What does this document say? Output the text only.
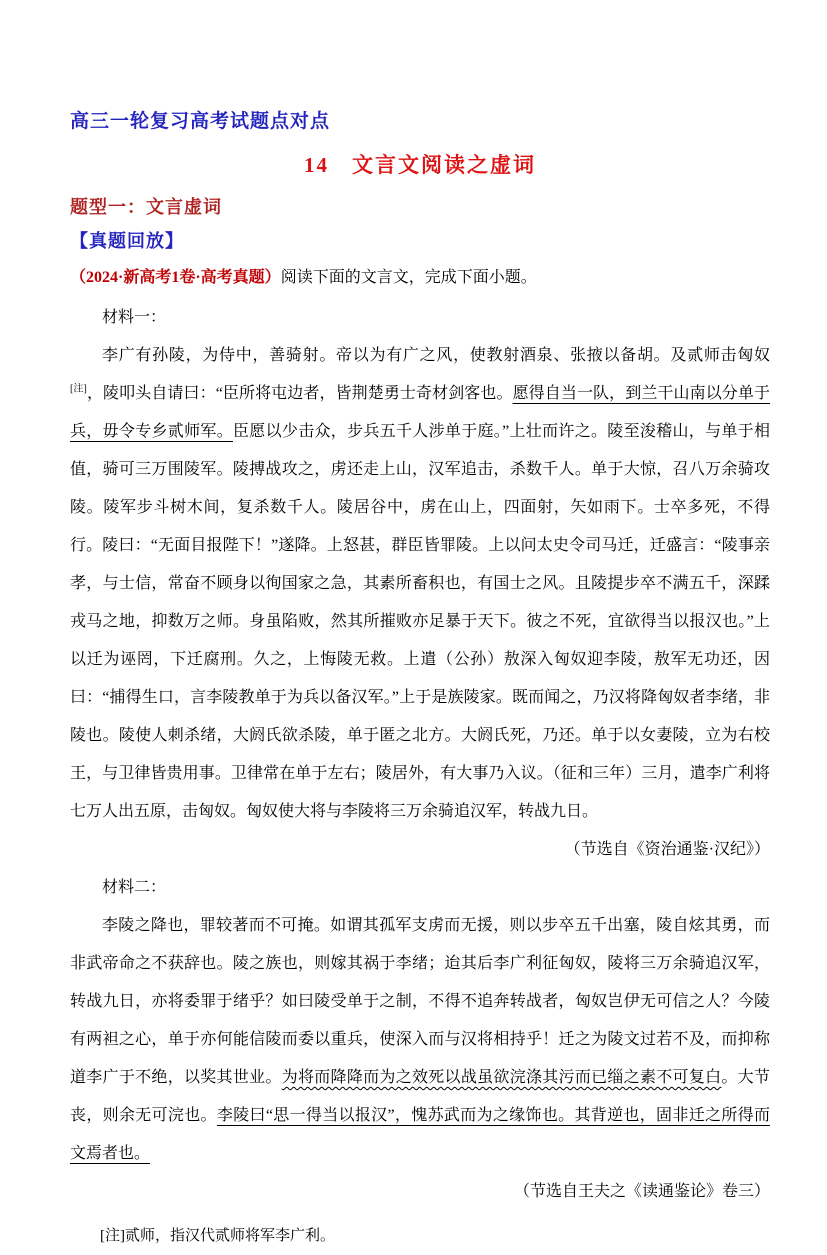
高三一轮复习高考试题点对点
14　文言文阅读之虚词
题型一：文言虚词
【真题回放】

（2024·新高考1卷·高考真题）阅读下面的文言文，完成下面小题。

材料一：

李广有孙陵，为侍中，善骑射。帝以为有广之风，使教射酒泉、张掖以备胡。及贰师击匈奴[注]，陵叩头自请曰：“臣所将屯边者，皆荆楚勇士奇材剑客也。愿得自当一队，到兰干山南以分单于兵，毋令专乡贰师军。臣愿以少击众，步兵五千人涉单于庭。”上壮而许之。陵至浚稽山，与单于相值，骑可三万围陵军。陵搏战攻之，虏还走上山，汉军追击，杀数千人。单于大惊，召八万余骑攻陵。陵军步斗树木间，复杀数千人。陵居谷中，虏在山上，四面射，矢如雨下。士卒多死，不得行。陵曰：“无面目报陛下！”遂降。上怒甚，群臣皆罪陵。上以问太史令司马迁，迁盛言：“陵事亲孝，与士信，常奋不顾身以徇国家之急，其素所畜积也，有国士之风。且陵提步卒不满五千，深蹂戎马之地，抑数万之师。身虽陷败，然其所摧败亦足暴于天下。彼之不死，宜欲得当以报汉也。”上以迁为诬罔，下迁腐刑。久之，上悔陵无救。上遣（公孙）敖深入匈奴迎李陵，敖军无功还，因曰：“捕得生口，言李陵教单于为兵以备汉军。”上于是族陵家。既而闻之，乃汉将降匈奴者李绪，非陵也。陵使人刺杀绪，大阏氏欲杀陵，单于匿之北方。大阏氏死，乃还。单于以女妻陵，立为右校王，与卫律皆贵用事。卫律常在单于左右；陵居外，有大事乃入议。（征和三年）三月，遣李广利将七万人出五原，击匈奴。匈奴使大将与李陵将三万余骑追汉军，转战九日。

（节选自《资治通鉴·汉纪》）

材料二：

李陵之降也，罪较著而不可掩。如谓其孤军支虏而无援，则以步卒五千出塞，陵自炫其勇，而非武帝命之不获辞也。陵之族也，则嫁其祸于李绪；迨其后李广利征匈奴，陵将三万余骑追汉军，转战九日，亦将委罪于绪乎？如曰陵受单于之制，不得不追奔转战者，匈奴岂伊无可信之人？今陵有两袒之心，单于亦何能信陵而委以重兵，使深入而与汉将相持乎！迁之为陵文过若不及，而抑称道李广于不绝，以奖其世业。为将而降降而为之效死以战虽欲浣涤其污而已缁之素不可复白。大节丧，则余无可浣也。李陵曰“思一得当以报汉”，愧苏武而为之缘饰也。其背逆也，固非迁之所得而文焉者也。

（节选自王夫之《读通鉴论》卷三）

[注]贰师，指汉代贰师将军李广利。
